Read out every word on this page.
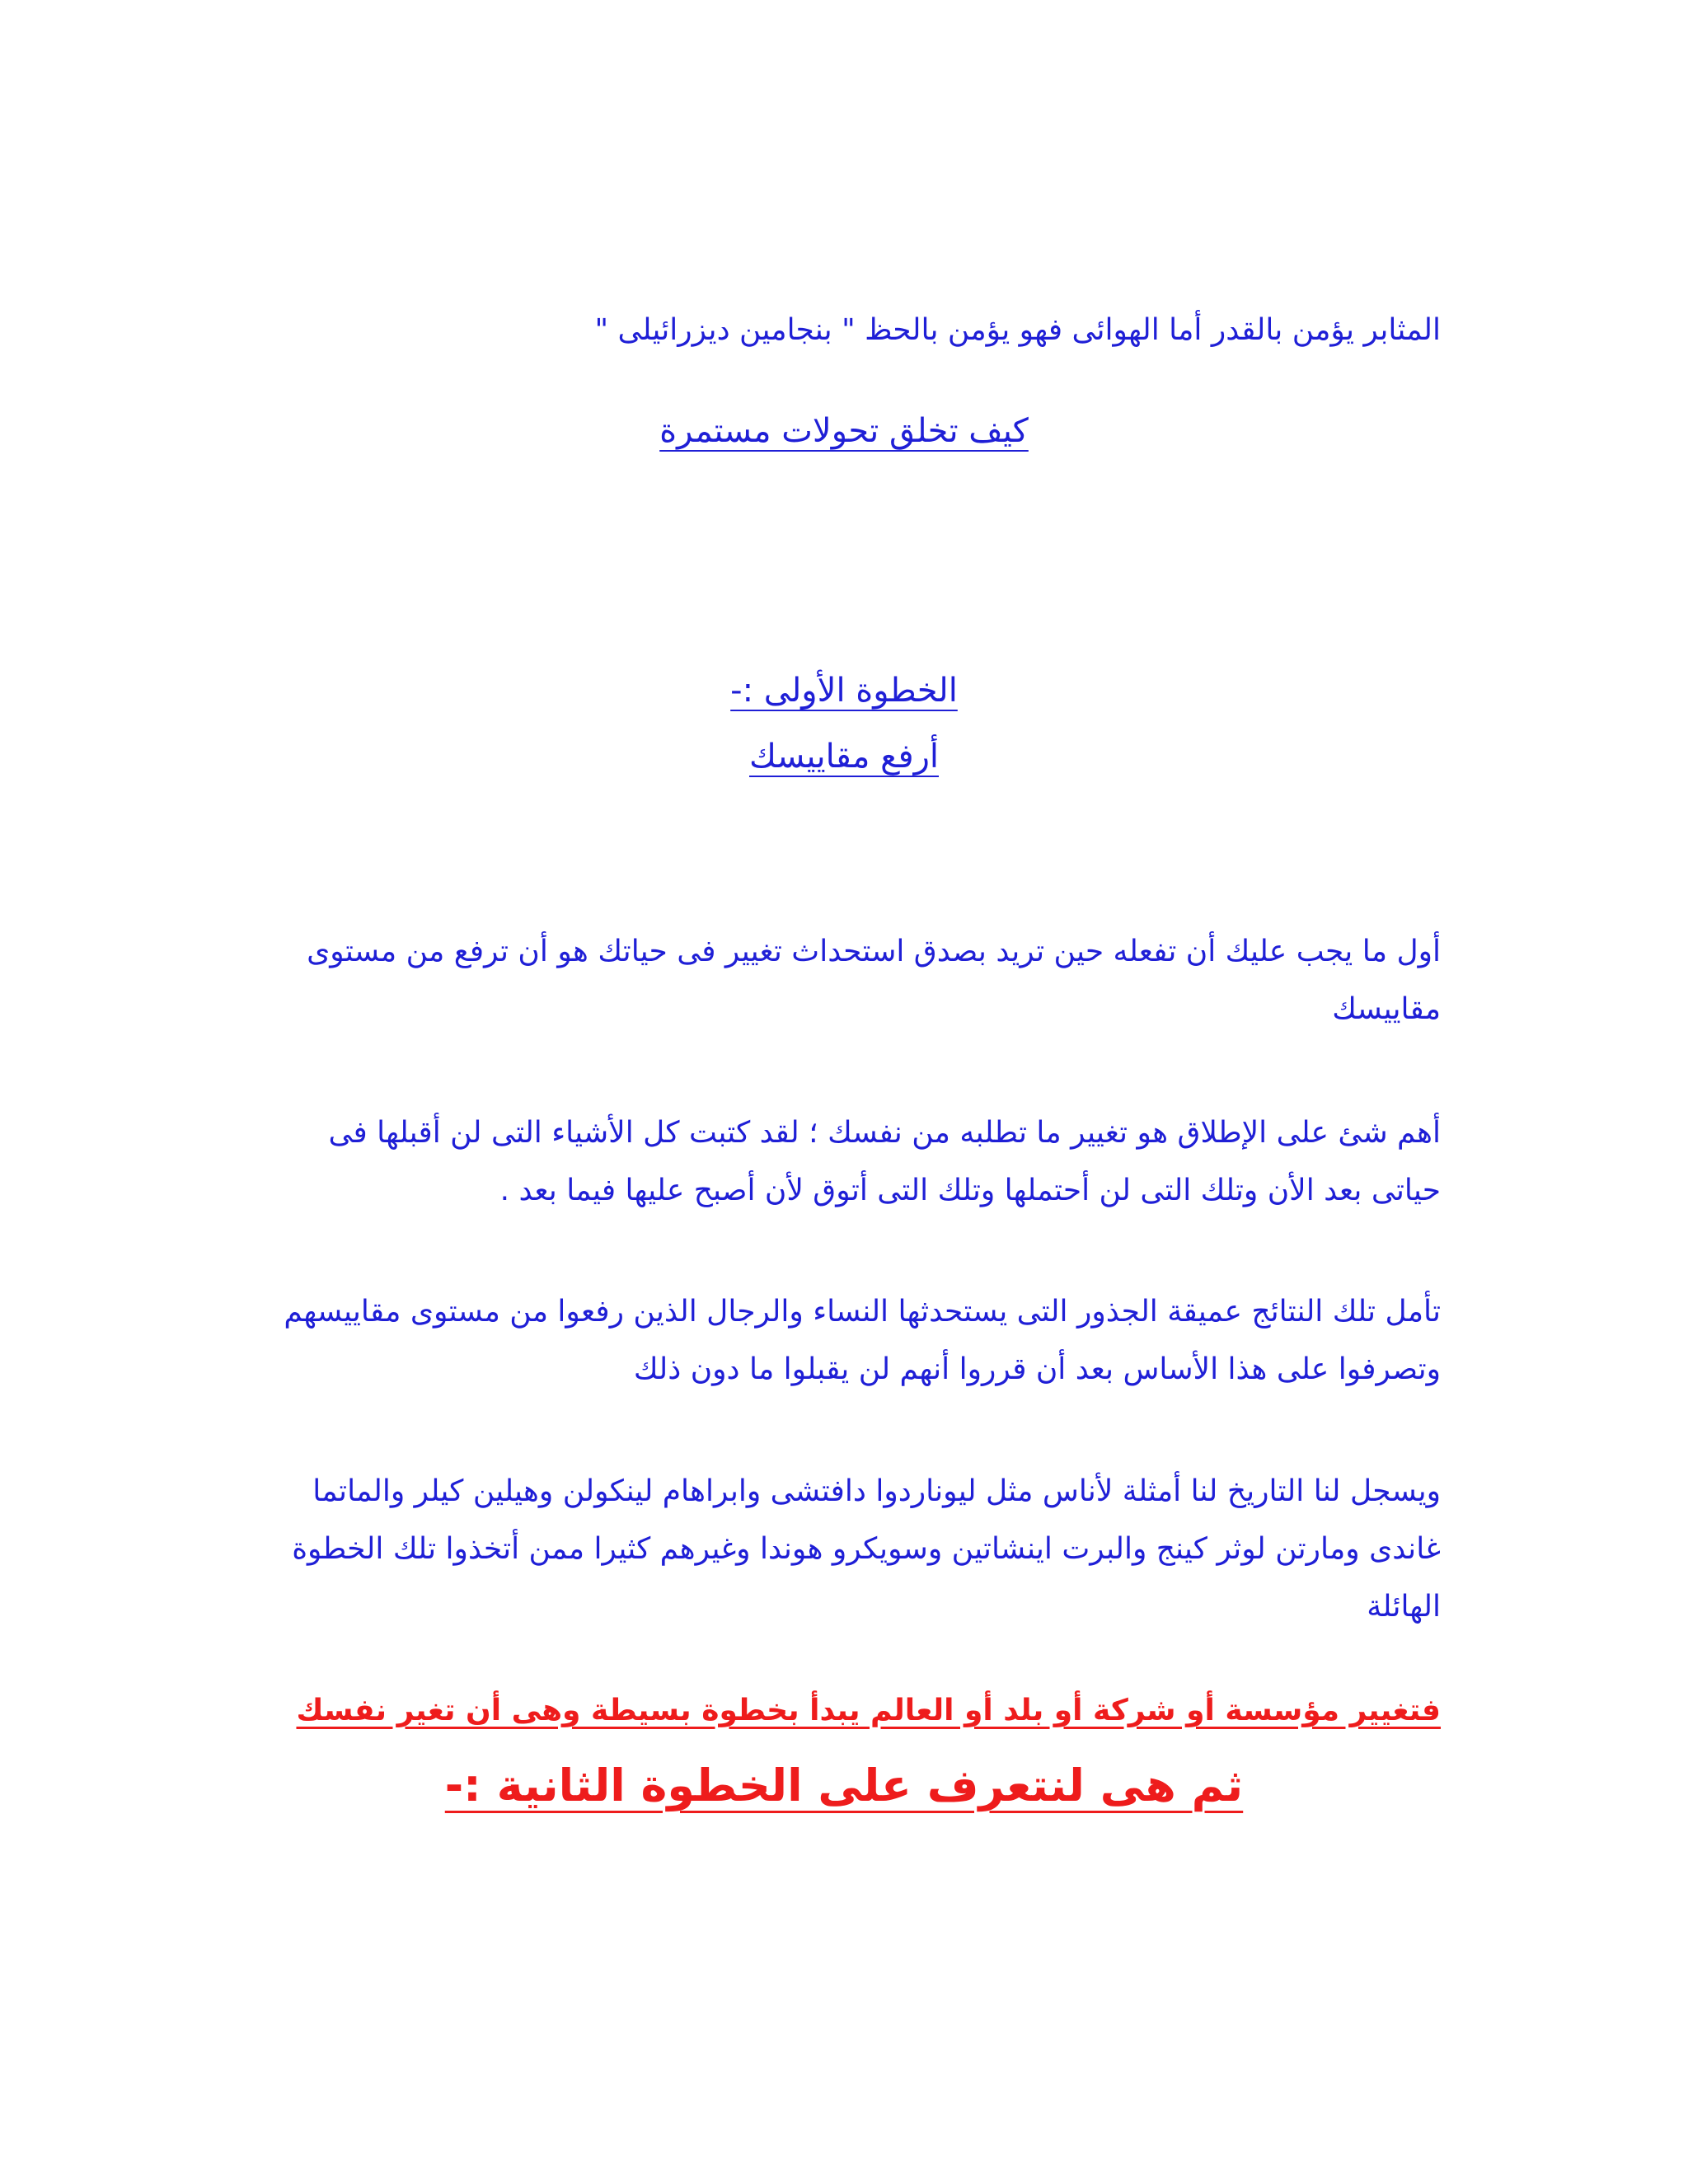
المثابر يؤمن بالقدر أما الهوائى فهو يؤمن بالحظ " بنجامين ديزرائيلى "

كيف تخلق تحولات مستمرة

الخطوة الأولى :-

أرفع مقاييسك

أول ما يجب عليك أن تفعله حين تريد بصدق استحداث تغيير فى حياتك هو أن ترفع من مستوى مقاييسك

أهم شئ على الإطلاق هو تغيير ما تطلبه من نفسك ؛ لقد كتبت كل الأشياء التى لن أقبلها فى حياتى بعد الأن وتلك التى لن أحتملها وتلك التى أتوق لأن أصبح عليها فيما بعد .

تأمل تلك النتائج عميقة الجذور التى يستحدثها النساء والرجال الذين رفعوا من مستوى مقاييسهم وتصرفوا على هذا الأساس بعد أن قرروا أنهم لن يقبلوا ما دون ذلك

ويسجل لنا التاريخ لنا أمثلة لأناس مثل ليوناردوا دافتشى وابراهام لينكولن وهيلين كيلر والماتما غاندى ومارتن لوثر كينج والبرت اينشاتين وسويكرو هوندا وغيرهم كثيرا ممن أتخذوا تلك الخطوة الهائلة

فتغيير مؤسسة أو شركة أو بلد أو العالم يبدأ بخطوة بسيطة وهى أن تغير نفسك

ثم هى لنتعرف على الخطوة الثانية :-
